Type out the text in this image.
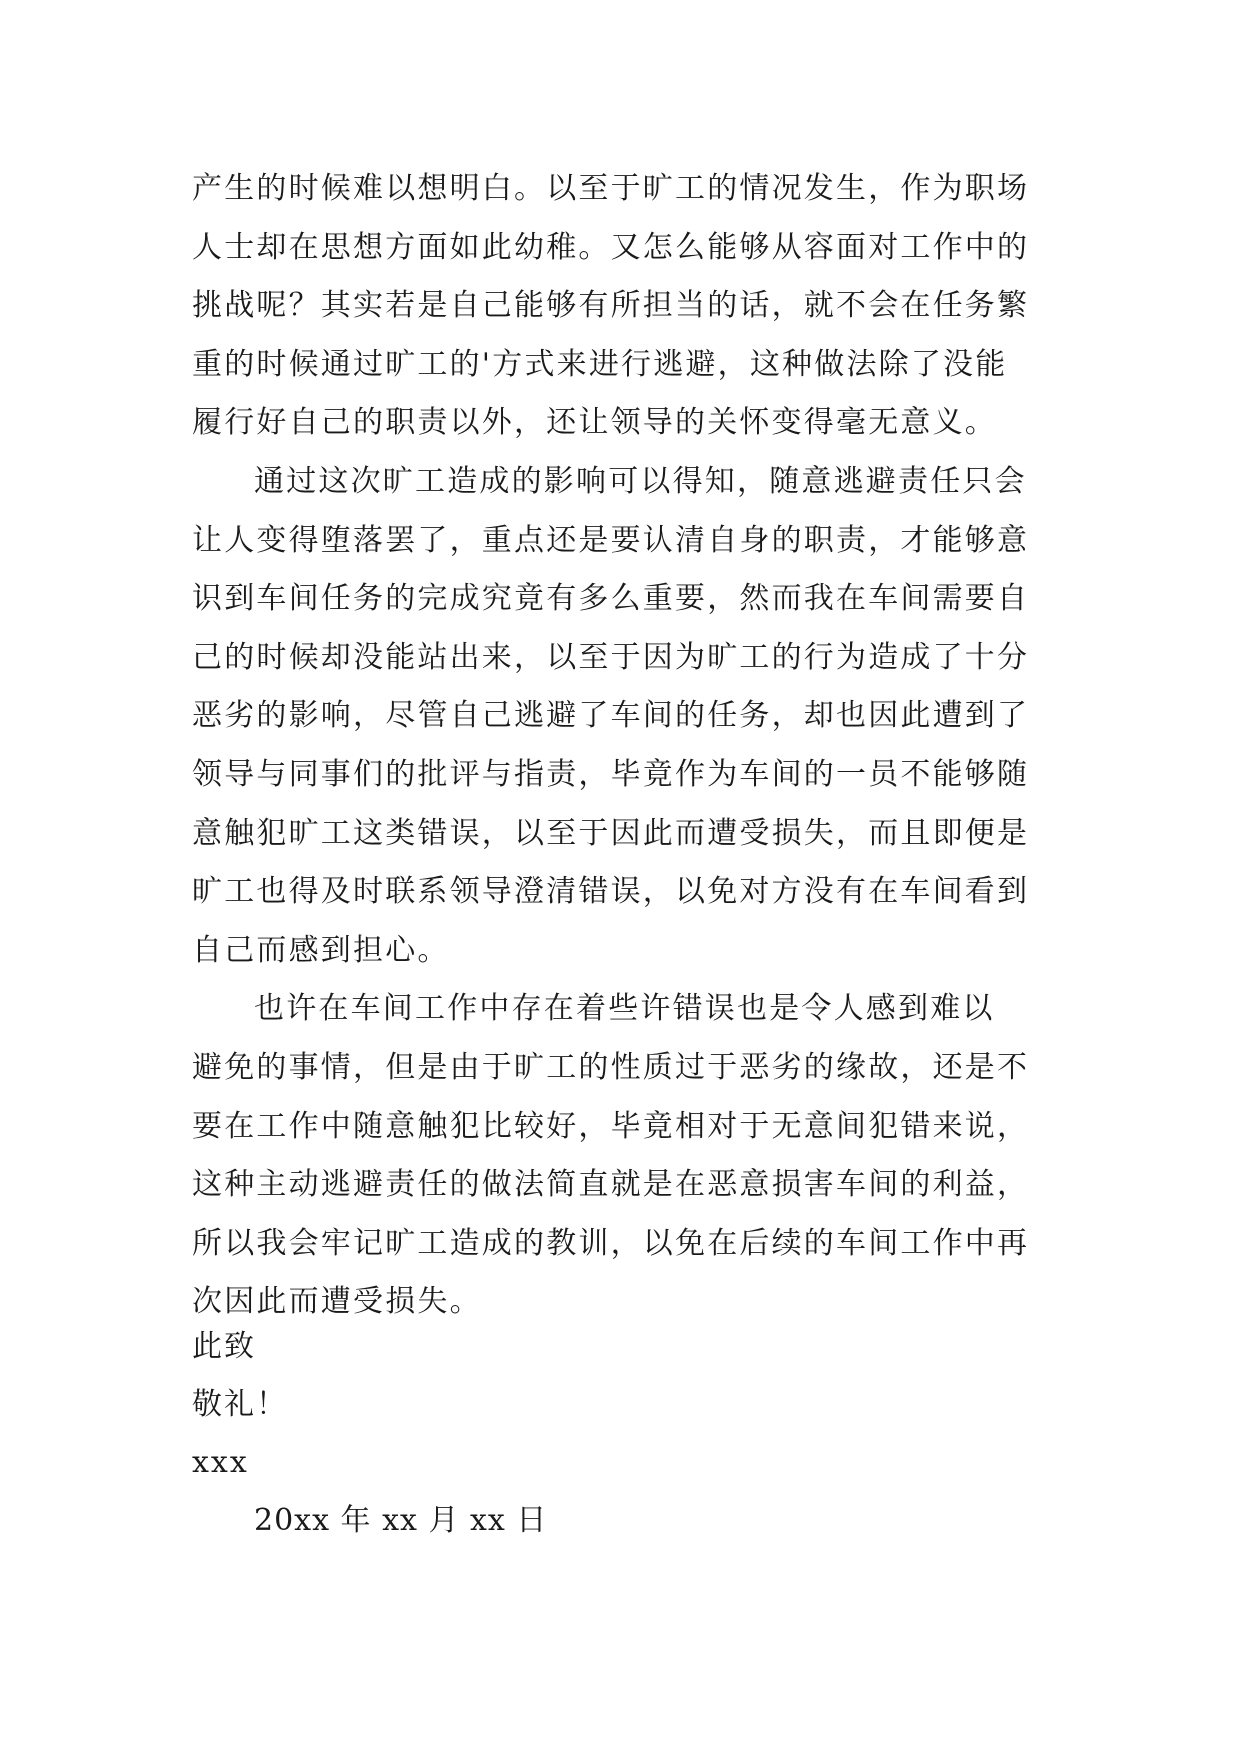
产生的时候难以想明白。以至于旷工的情况发生，作为职场
人士却在思想方面如此幼稚。又怎么能够从容面对工作中的
挑战呢？其实若是自己能够有所担当的话，就不会在任务繁
重的时候通过旷工的'方式来进行逃避，这种做法除了没能
履行好自己的职责以外，还让领导的关怀变得毫无意义。
通过这次旷工造成的影响可以得知，随意逃避责任只会
让人变得堕落罢了，重点还是要认清自身的职责，才能够意
识到车间任务的完成究竟有多么重要，然而我在车间需要自
己的时候却没能站出来，以至于因为旷工的行为造成了十分
恶劣的影响，尽管自己逃避了车间的任务，却也因此遭到了
领导与同事们的批评与指责，毕竟作为车间的一员不能够随
意触犯旷工这类错误，以至于因此而遭受损失，而且即便是
旷工也得及时联系领导澄清错误，以免对方没有在车间看到
自己而感到担心。
也许在车间工作中存在着些许错误也是令人感到难以
避免的事情，但是由于旷工的性质过于恶劣的缘故，还是不
要在工作中随意触犯比较好，毕竟相对于无意间犯错来说，
这种主动逃避责任的做法简直就是在恶意损害车间的利益，
所以我会牢记旷工造成的教训，以免在后续的车间工作中再
次因此而遭受损失。
此致
敬礼！
xxx
20xx 年 xx 月 xx 日
